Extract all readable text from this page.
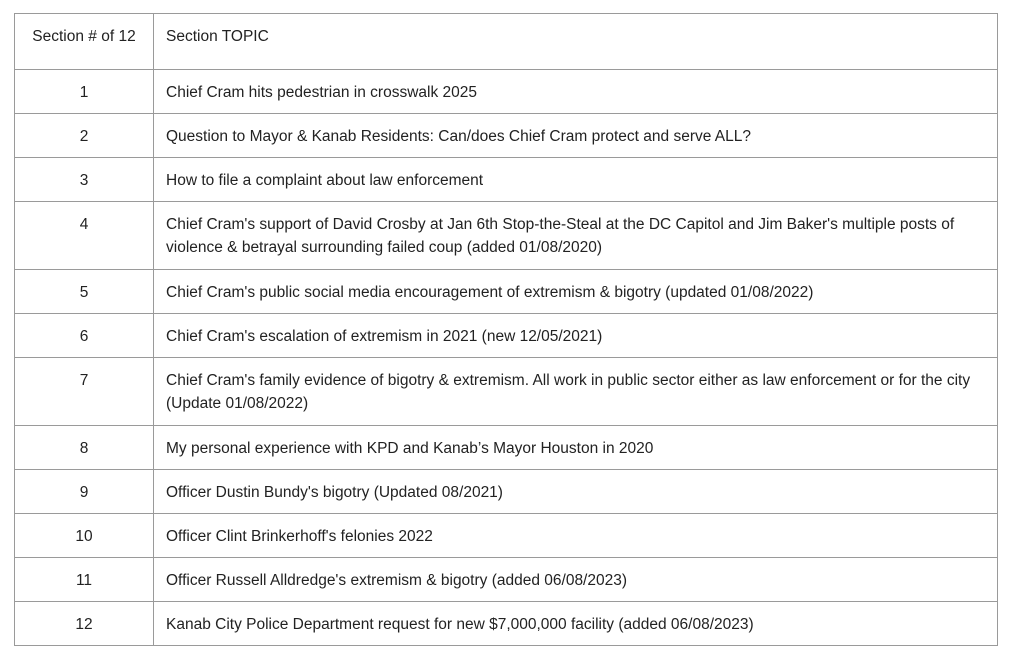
Section # of 12	Section TOPIC
1	Chief Cram hits pedestrian in crosswalk 2025
2	Question to Mayor & Kanab Residents: Can/does Chief Cram protect and serve ALL?
3	How to file a complaint about law enforcement
4	Chief Cram's support of David Crosby at Jan 6th Stop-the-Steal at the DC Capitol and Jim Baker's multiple posts of violence & betrayal surrounding failed coup (added 01/08/2020)
5	Chief Cram's public social media encouragement of extremism & bigotry (updated 01/08/2022)
6	Chief Cram's escalation of extremism in 2021 (new 12/05/2021)
7	Chief Cram's family evidence of bigotry & extremism. All work in public sector either as law enforcement or for the city (Update 01/08/2022)
8	My personal experience with KPD and Kanab’s Mayor Houston in 2020
9	Officer Dustin Bundy's bigotry (Updated 08/2021)
10	Officer Clint Brinkerhoff's felonies 2022
11	Officer Russell Alldredge's extremism & bigotry (added 06/08/2023)
12	Kanab City Police Department request for new $7,000,000 facility (added 06/08/2023)
